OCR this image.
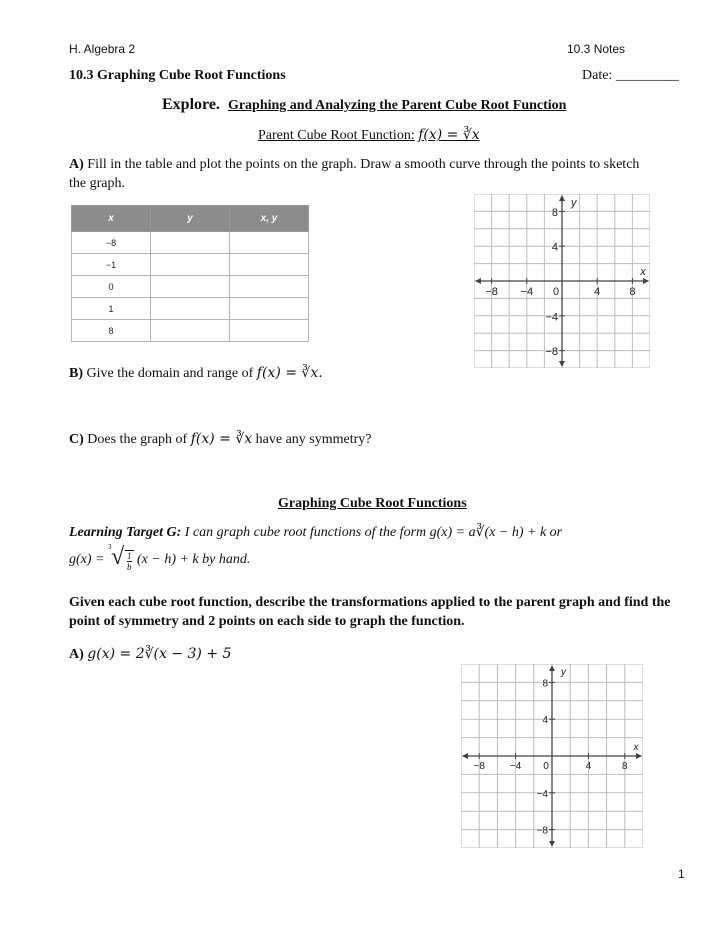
H. Algebra 2	10.3 Notes
10.3 Graphing Cube Root Functions	Date: _________
Explore. Graphing and Analyzing the Parent Cube Root Function
Parent Cube Root Function: f(x) = ∛x
A) Fill in the table and plot the points on the graph. Draw a smooth curve through the points to sketch the graph.
x	y	x, y
−8		
−1		
0		
1		
8		
−8 −4 0	4	8
8
4
−4
−8
x
y
B) Give the domain and range of f(x) = ∛x.
C) Does the graph of f(x) = ∛x have any symmetry?
Graphing Cube Root Functions
Learning Target G: I can graph cube root functions of the form g(x) = a∛(x − h) + k or
g(x) =
3 √ $\frac{1}{b} (x - h) + k$ by hand.
Given each cube root function, describe the transformations applied to the parent graph and find the point of symmetry and 2 points on each side to graph the function.
A) g(x) = 2∛(x − 3) + 5
−8 −4 0	4	8
8
4
−4
−8
x
y
1
